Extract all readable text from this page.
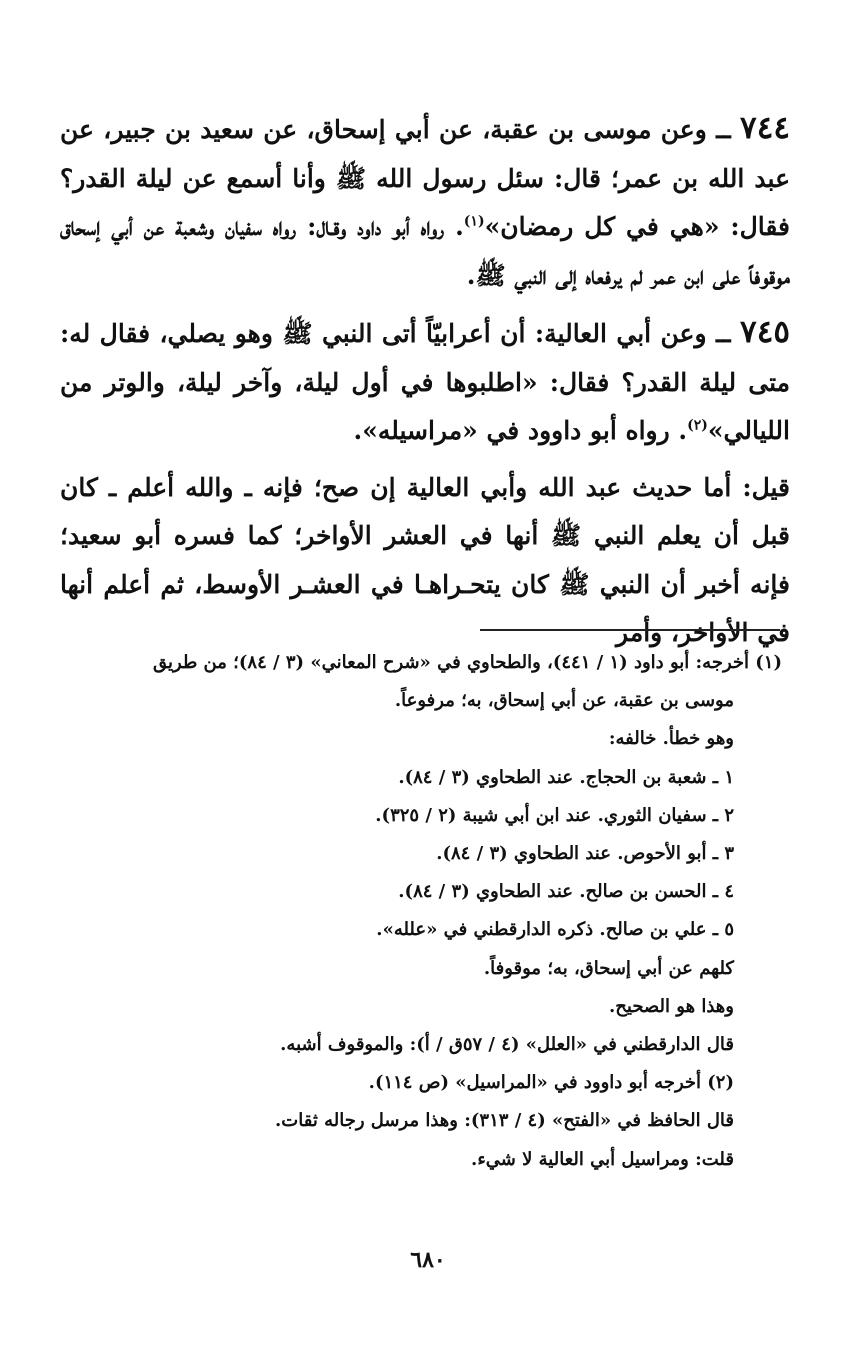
٧٤٤ ــ وعن موسى بن عقبة، عن أبي إسحاق، عن سعيد بن جبير، عن عبد الله بن عمر؛ قال: سئل رسول الله ﷺ وأنا أسمع عن ليلة القدر؟ فقال: «هي في كل رمضان»$^{(١)}$. رواه أبو داود وقـال: رواه سفيان وشعبة عن أبي إسحاق موقوفاً على ابن عمر لم يرفعاه إلى النبي ﷺ.

٧٤٥ ــ وعن أبي العالية: أن أعرابيّاً أتى النبي ﷺ وهو يصلي، فقال له: متى ليلة القدر؟ فقال: «اطلبوها في أول ليلة، وآخر ليلة، والوتر من الليالي»$^{(٢)}$. رواه أبو داوود في «مراسيله».

قيل: أما حديث عبد الله وأبي العالية إن صح؛ فإنه ـ والله أعلم ـ كان قبل أن يعلم النبي ﷺ أنها في العشر الأواخر؛ كما فسره أبو سعيد؛ فإنه أخبر أن النبي ﷺ كان يتحـراهـا في العشـر الأوسط، ثم أعلم أنها في الأواخر، وأمر

(١) أخرجه: أبو داود (١ / ٤٤١)، والطحاوي في «شرح المعاني» (٣ / ٨٤)؛ من طريق

موسى بن عقبة، عن أبي إسحاق، به؛ مرفوعاً.

وهو خطأ. خالفه:

١ ـ شعبة بن الحجاج. عند الطحاوي (٣ / ٨٤).

٢ ـ سفيان الثوري. عند ابن أبي شيبة (٢ / ٣٢٥).

٣ ـ أبو الأحوص. عند الطحاوي (٣ / ٨٤).

٤ ـ الحسن بن صالح. عند الطحاوي (٣ / ٨٤).

٥ ـ علي بن صالح. ذكره الدارقطني في «علله».

كلهم عن أبي إسحاق، به؛ موقوفاً.

وهذا هو الصحيح.

قال الدارقطني في «العلل» (٤ / ٥٧ق / أ): والموقوف أشبه.

(٢) أخرجه أبو داوود في «المراسيل» (ص ١١٤).

قال الحافظ في «الفتح» (٤ / ٣١٣): وهذا مرسل رجاله ثقات.

قلت: ومراسيل أبي العالية لا شيء.

٦٨٠
